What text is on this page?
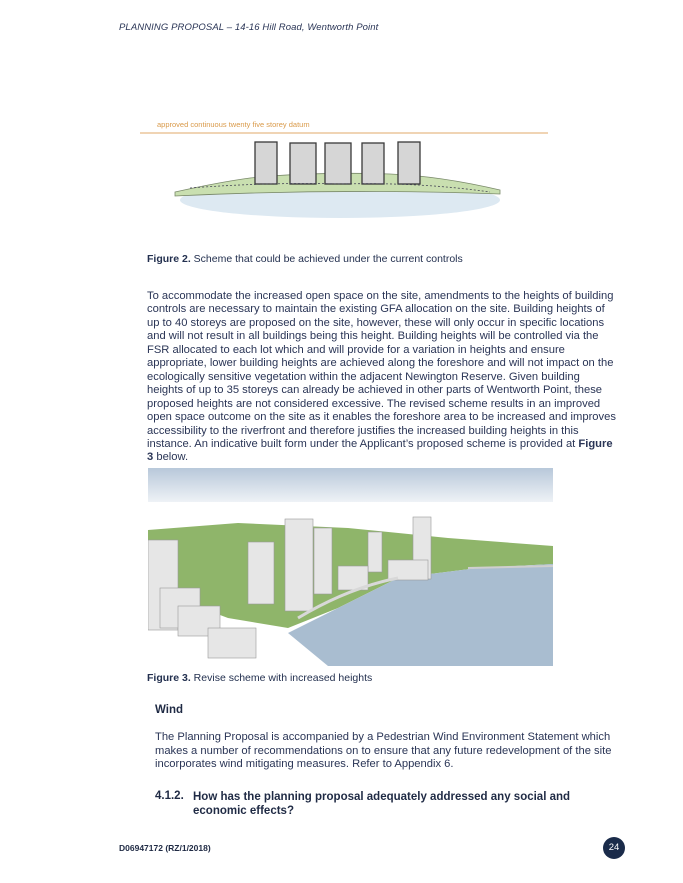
PLANNING PROPOSAL – 14-16 Hill Road, Wentworth Point
approved continuous twenty five storey datum
Figure 2. Scheme that could be achieved under the current controls
To accommodate the increased open space on the site, amendments to the heights of building controls are necessary to maintain the existing GFA allocation on the site. Building heights of up to 40 storeys are proposed on the site, however, these will only occur in specific locations and will not result in all buildings being this height. Building heights will be controlled via the FSR allocated to each lot which and will provide for a variation in heights and ensure appropriate, lower building heights are achieved along the foreshore and will not impact on the ecologically sensitive vegetation within the adjacent Newington Reserve. Given building heights of up to 35 storeys can already be achieved in other parts of Wentworth Point, these proposed heights are not considered excessive. The revised scheme results in an improved open space outcome on the site as it enables the foreshore area to be increased and improves accessibility to the riverfront and therefore justifies the increased building heights in this instance. An indicative built form under the Applicant’s proposed scheme is provided at Figure 3 below.
Figure 3. Revise scheme with increased heights
Wind
The Planning Proposal is accompanied by a Pedestrian Wind Environment Statement which makes a number of recommendations on to ensure that any future redevelopment of the site incorporates wind mitigating measures. Refer to Appendix 6.
4.1.2. How has the planning proposal adequately addressed any social and economic effects?
D06947172 (RZ/1/2018)	24
